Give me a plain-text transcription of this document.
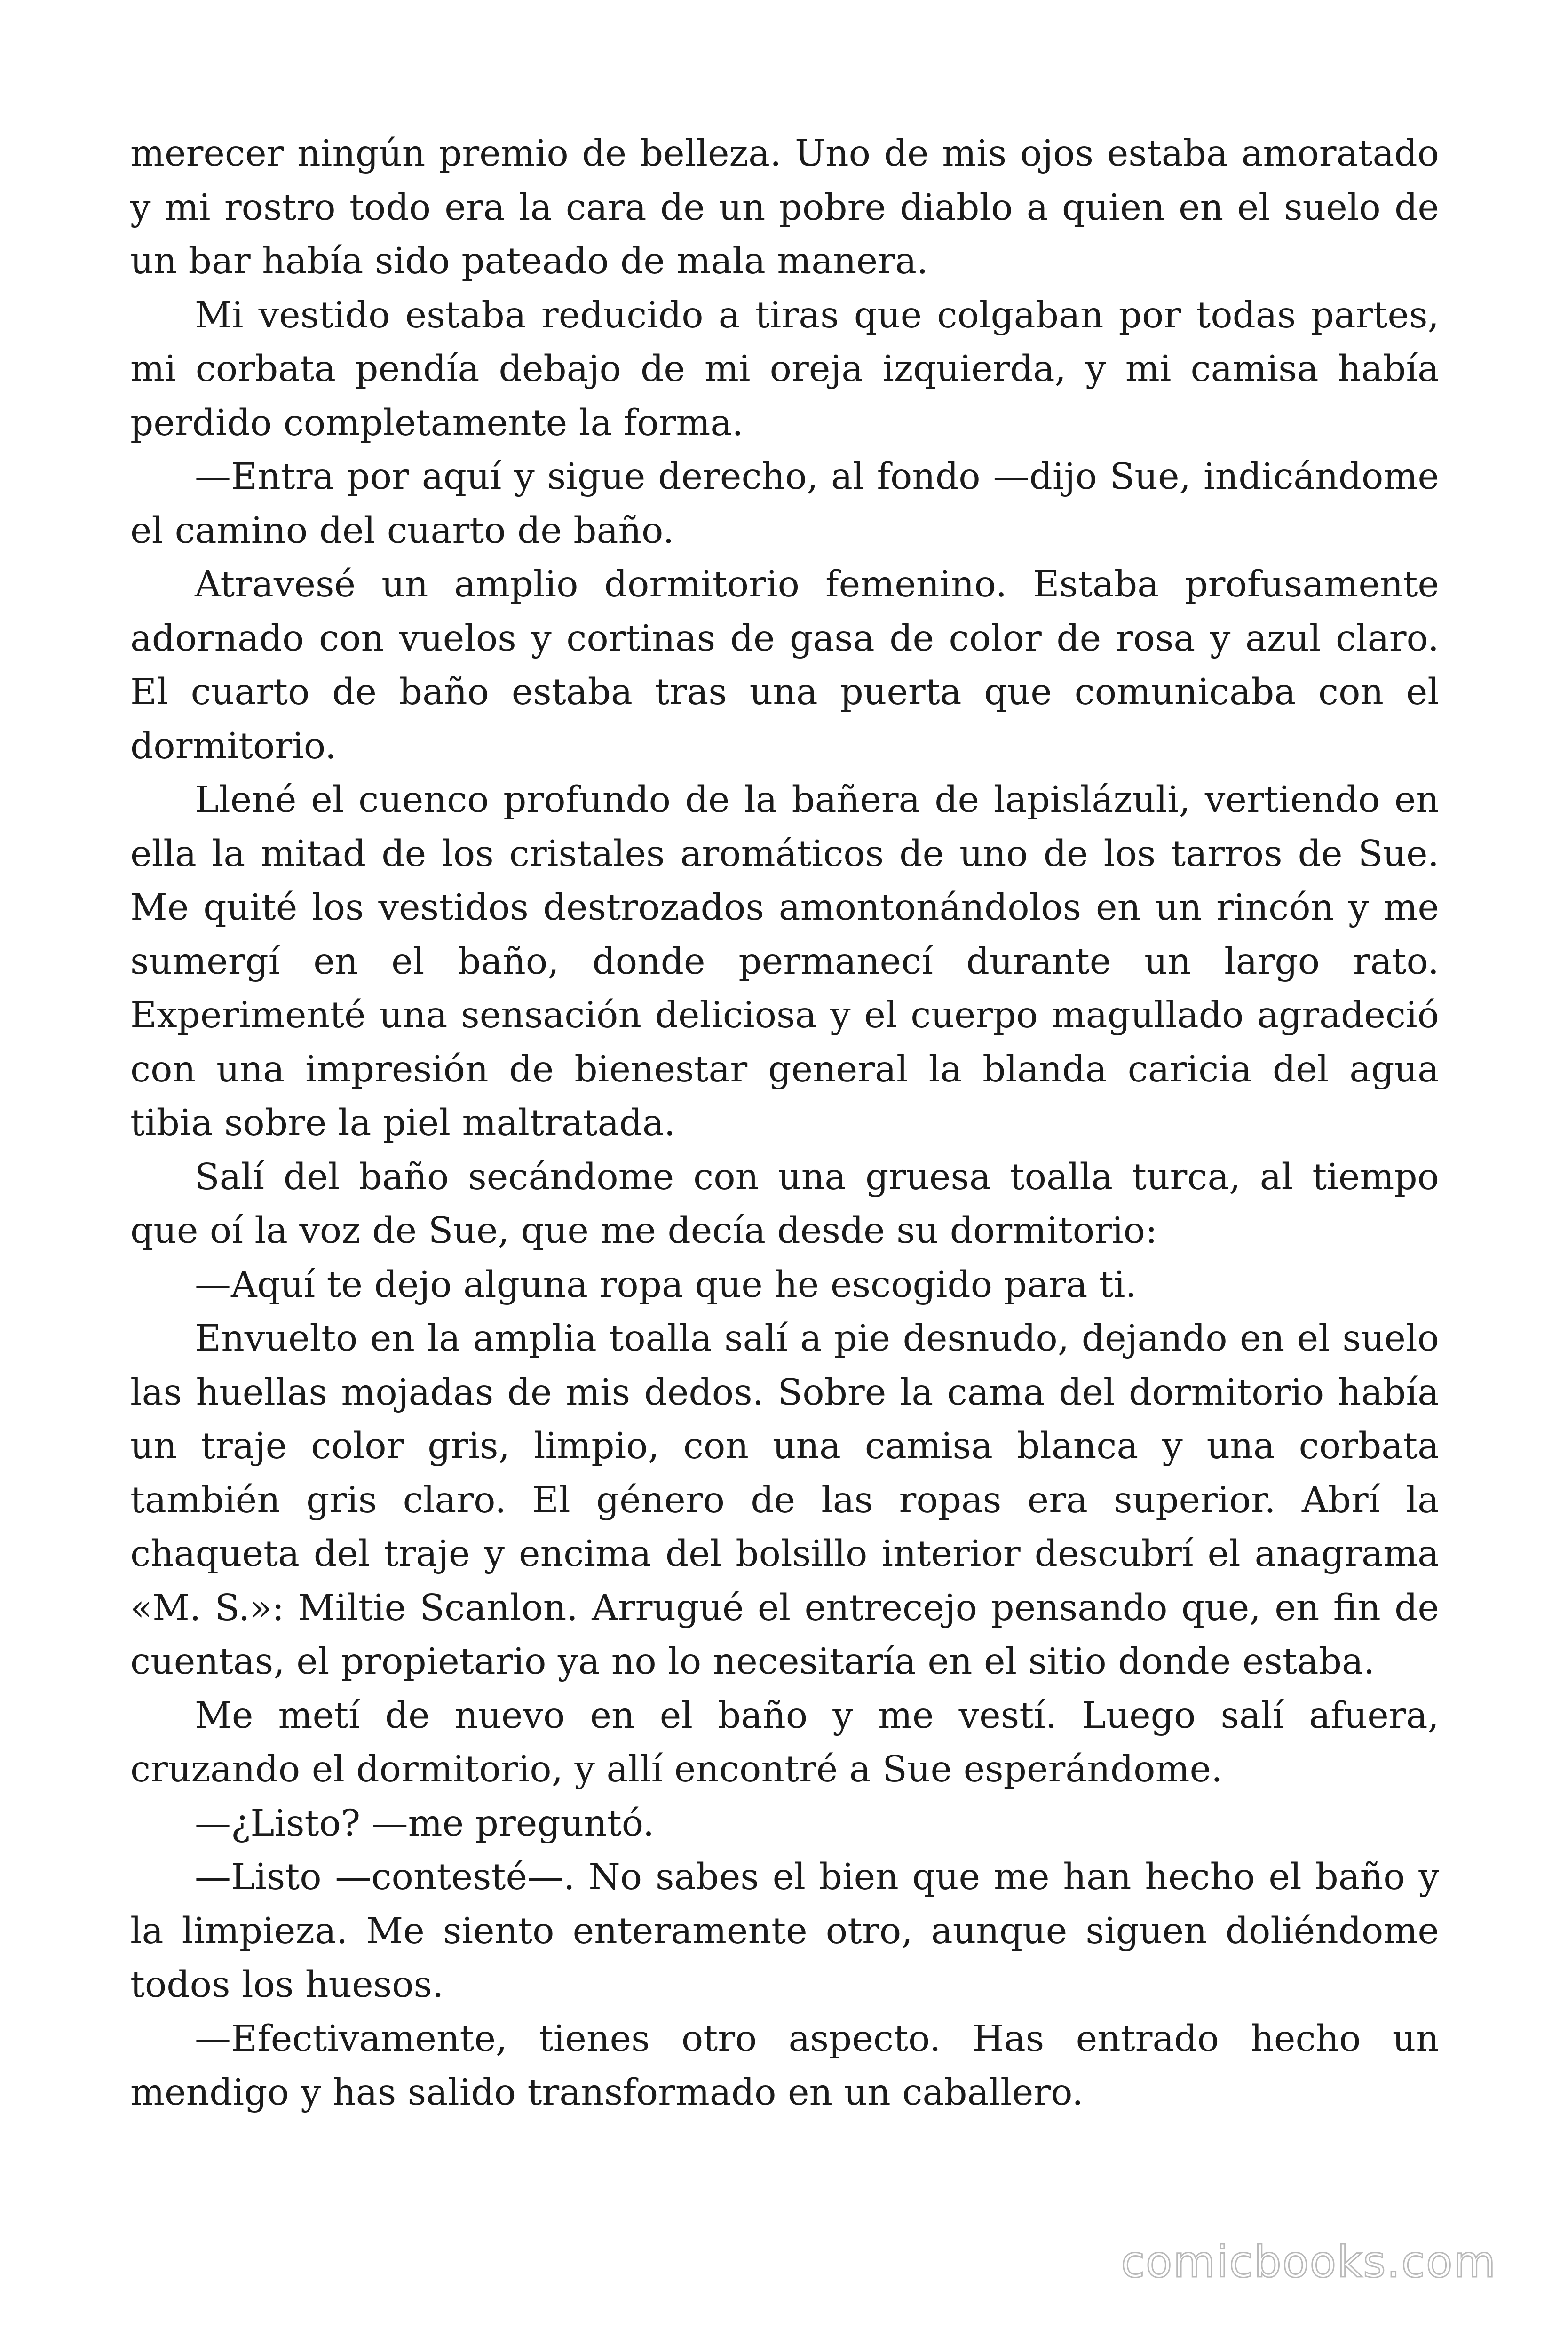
merecer ningún premio de belleza. Uno de mis ojos estaba amoratado y mi rostro todo era la cara de un pobre diablo a quien en el suelo de un bar había sido pateado de mala manera.

Mi vestido estaba reducido a tiras que colgaban por todas partes, mi corbata pendía debajo de mi oreja izquierda, y mi camisa había perdido completamente la forma.

—Entra por aquí y sigue derecho, al fondo —dijo Sue, indicándome el camino del cuarto de baño.

Atravesé un amplio dormitorio femenino. Estaba profusamente adornado con vuelos y cortinas de gasa de color de rosa y azul claro. El cuarto de baño estaba tras una puerta que comunicaba con el dormitorio.

Llené el cuenco profundo de la bañera de lapislázuli, vertiendo en ella la mitad de los cristales aromáticos de uno de los tarros de Sue. Me quité los vestidos destrozados amontonándolos en un rincón y me sumergí en el baño, donde permanecí durante un largo rato. Experimenté una sensación deliciosa y el cuerpo magullado agradeció con una impresión de bienestar general la blanda caricia del agua tibia sobre la piel maltratada.

Salí del baño secándome con una gruesa toalla turca, al tiempo que oí la voz de Sue, que me decía desde su dormitorio:

—Aquí te dejo alguna ropa que he escogido para ti.

Envuelto en la amplia toalla salí a pie desnudo, dejando en el suelo las huellas mojadas de mis dedos. Sobre la cama del dormitorio había un traje color gris, limpio, con una camisa blanca y una corbata también gris claro. El género de las ropas era superior. Abrí la chaqueta del traje y encima del bolsillo interior descubrí el anagrama «M. S.»: Miltie Scanlon. Arrugué el entrecejo pensando que, en fin de cuentas, el propietario ya no lo necesitaría en el sitio donde estaba.

Me metí de nuevo en el baño y me vestí. Luego salí afuera, cruzando el dormitorio, y allí encontré a Sue esperándome.

—¿Listo? —me preguntó.

—Listo —contesté—. No sabes el bien que me han hecho el baño y la limpieza. Me siento enteramente otro, aunque siguen doliéndome todos los huesos.

—Efectivamente, tienes otro aspecto. Has entrado hecho un mendigo y has salido transformado en un caballero.

comicbooks.com
